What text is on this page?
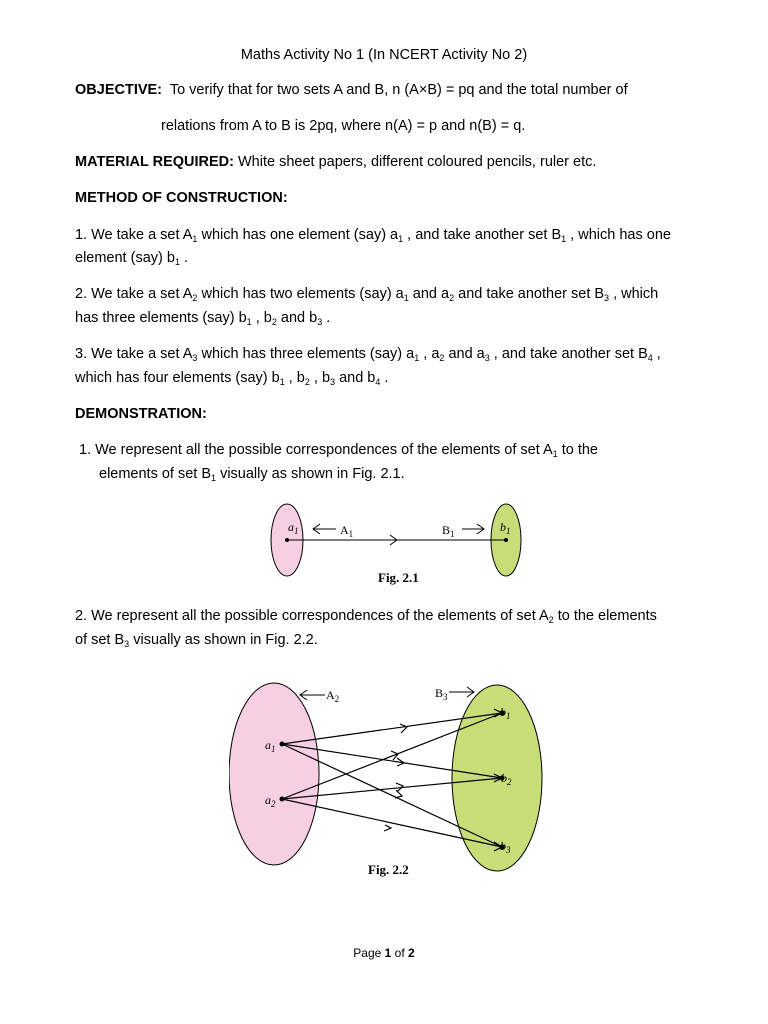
Maths Activity No 1 (In NCERT Activity No 2)
OBJECTIVE: To verify that for two sets A and B, n (A×B) = pq and the total number of
relations from A to B is 2pq, where n(A) = p and n(B) = q.
MATERIAL REQUIRED: White sheet papers, different coloured pencils, ruler etc.
METHOD OF CONSTRUCTION:
1. We take a set $A_1$ which has one element (say) $a_1$ , and take another set $B_1$ , which has one
element (say) $b_1$ .
2. We take a set $A_2$ which has two elements (say) $a_1$ and $a_2$ and take another set $B_3$ , which
has three elements (say) $b_1$ , $b_2$ and $b_3$ .
3. We take a set $A_3$ which has three elements (say) $a_1$ , $a_2$ and $a_3$ , and take another set $B_4$ ,
which has four elements (say) $b_1$ , $b_2$ , $b_3$ and $b_4$ .
DEMONSTRATION:
1. We represent all the possible correspondences of the elements of set $A_1$ to the
elements of set $B_1$ visually as shown in Fig. 2.1.
$a_1$	$A_1$	$B_1$	$b_1$
Fig. 2.1
2. We represent all the possible correspondences of the elements of set $A_2$ to the elements
of set $B_3$ visually as shown in Fig. 2.2.
$A_2$	$B_3$
$a_1$
$a_2$
$b_1$
$b_2$
$b_3$
Fig. 2.2
Page 1 of 2
